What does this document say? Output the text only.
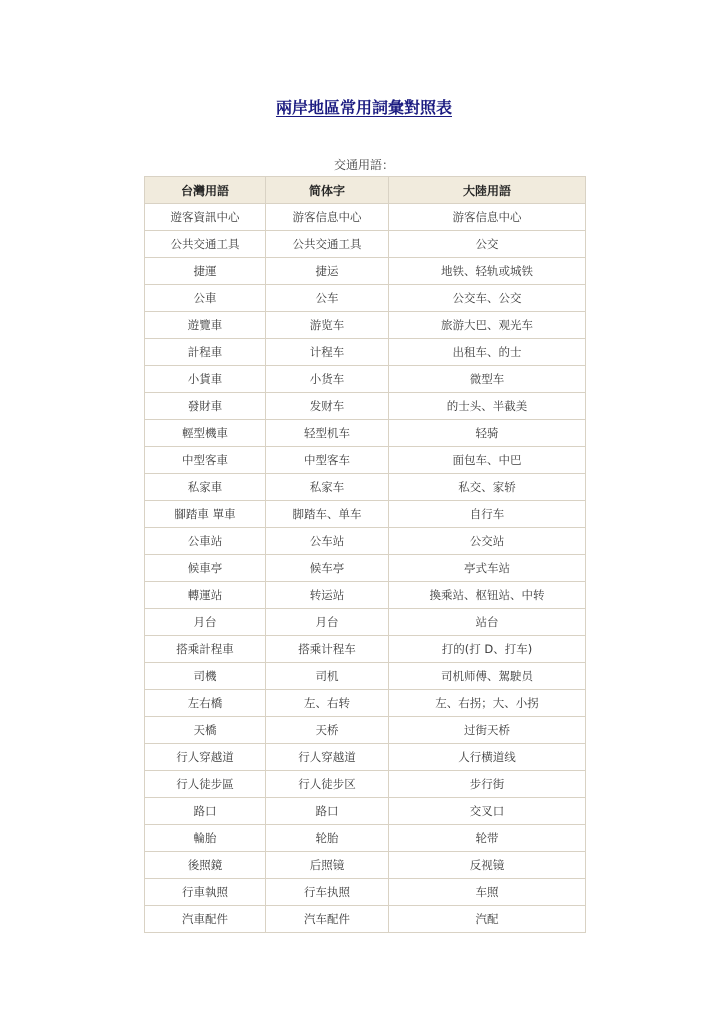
兩岸地區常用詞彙對照表
交通用語：
台灣用語	简体字	大陸用語
遊客資訊中心	游客信息中心	游客信息中心
公共交通工具	公共交通工具	公交
捷運	捷运	地铁、轻轨或城铁
公車	公车	公交车、公交
遊覽車	游览车	旅游大巴、观光车
計程車	计程车	出租车、的士
小貨車	小货车	微型车
發財車	发财车	的士头、半截美
輕型機車	轻型机车	轻骑
中型客車	中型客车	面包车、中巴
私家車	私家车	私交、家轿
腳踏車 單車	脚踏车、单车	自行车
公車站	公车站	公交站
候車亭	候车亭	亭式车站
轉運站	转运站	換乘站、枢钮站、中转
月台	月台	站台
搭乘計程車	搭乘计程车	打的(打 D、打车)
司機	司机	司机师傅、駕駛员
左右橋	左、右转	左、右拐；大、小拐
天橋	天桥	过街天桥
行人穿越道	行人穿越道	人行横道线
行人徒步區	行人徒步区	步行街
路口	路口	交叉口
輪胎	轮胎	轮带
後照鏡	后照镜	反视镜
行車執照	行车执照	车照
汽車配件	汽车配件	汽配
